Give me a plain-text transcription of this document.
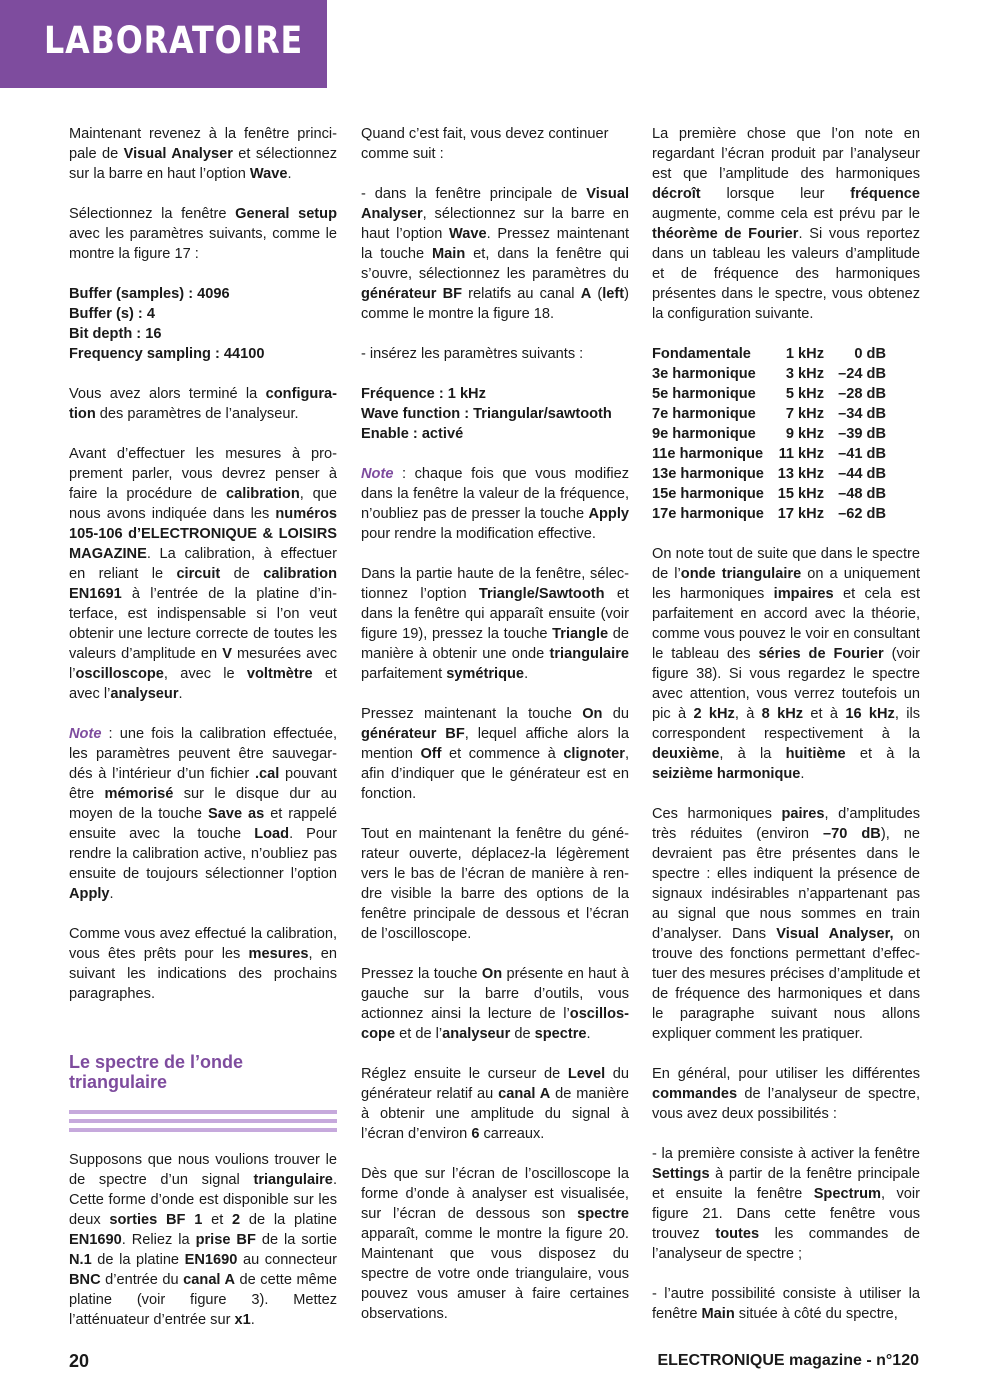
LABORATOIRE

Maintenant revenez à la fenêtre principale de Visual Analyser et sélectionnez sur la barre en haut l’option Wave.

Sélectionnez la fenêtre General setup avec les paramètres suivants, comme le montre la figure 17 :

Buffer (samples) : 4096
Buffer (s) : 4
Bit depth : 16
Frequency sampling : 44100

Vous avez alors terminé la configuration des paramètres de l’analyseur.

Avant d’effectuer les mesures à proprement parler, vous devrez penser à faire la procédure de calibration, que nous avons indiquée dans les numéros 105-106 d’ELECTRONIQUE & LOISIRS MAGAZINE. La calibration, à effectuer en reliant le circuit de calibration EN1691 à l’entrée de la platine d’interface, est indispensable si l’on veut obtenir une lecture correcte de toutes les valeurs d’amplitude en V mesurées avec l’oscilloscope, avec le voltmètre et avec l’analyseur.

Note : une fois la calibration effectuée, les paramètres peuvent être sauvegardés à l’intérieur d’un fichier .cal pouvant être mémorisé sur le disque dur au moyen de la touche Save as et rappelé ensuite avec la touche Load. Pour rendre la calibration active, n’oubliez pas ensuite de toujours sélectionner l’option Apply.

Comme vous avez effectué la calibration, vous êtes prêts pour les mesures, en suivant les indications des prochains paragraphes.

Le spectre de l’onde
triangulaire

Supposons que nous voulions trouver le de spectre d’un signal triangulaire. Cette forme d’onde est disponible sur les deux sorties BF 1 et 2 de la platine EN1690. Reliez la prise BF de la sortie N.1 de la platine EN1690 au connecteur BNC d’entrée du canal A de cette même platine (voir figure 3). Mettez l’atténuateur d’entrée sur x1.

Quand c’est fait, vous devez continuer comme suit :

- dans la fenêtre principale de Visual Analyser, sélectionnez sur la barre en haut l’option Wave. Pressez maintenant la touche Main et, dans la fenêtre qui s’ouvre, sélectionnez les paramètres du générateur BF relatifs au canal A (left) comme le montre la figure 18.

- insérez les paramètres suivants :

Fréquence : 1 kHz
Wave function : Triangular/sawtooth
Enable : activé

Note : chaque fois que vous modifiez dans la fenêtre la valeur de la fréquence, n’oubliez pas de presser la touche Apply pour rendre la modification effective.

Dans la partie haute de la fenêtre, sélectionnez l’option Triangle/Sawtooth et dans la fenêtre qui apparaît ensuite (voir figure 19), pressez la touche Triangle de manière à obtenir une onde triangulaire parfaitement symétrique.

Pressez maintenant la touche On du générateur BF, lequel affiche alors la mention Off et commence à clignoter, afin d’indiquer que le générateur est en fonction.

Tout en maintenant la fenêtre du générateur ouverte, déplacez-la légèrement vers le bas de l’écran de manière à rendre visible la barre des options de la fenêtre principale de dessous et l’écran de l’oscilloscope.

Pressez la touche On présente en haut à gauche sur la barre d’outils, vous actionnez ainsi la lecture de l’oscilloscope et de l’analyseur de spectre.

Réglez ensuite le curseur de Level du générateur relatif au canal A de manière à obtenir une amplitude du signal à l’écran d’environ 6 carreaux.

Dès que sur l’écran de l’oscilloscope la forme d’onde à analyser est visualisée, sur l’écran de dessous son spectre apparaît, comme le montre la figure 20. Maintenant que vous disposez du spectre de votre onde triangulaire, vous pouvez vous amuser à faire certaines observations.

La première chose que l’on note en regardant l’écran produit par l’analyseur est que l’amplitude des harmoniques décroît lorsque leur fréquence augmente, comme cela est prévu par le théorème de Fourier. Si vous reportez dans un tableau les valeurs d’amplitude et de fréquence des harmoniques présentes dans le spectre, vous obtenez la configuration suivante.

Fondamentale	1 kHz	0 dB
3e harmonique	3 kHz	–24 dB
5e harmonique	5 kHz	–28 dB
7e harmonique	7 kHz	–34 dB
9e harmonique	9 kHz	–39 dB
11e harmonique	11 kHz	–41 dB
13e harmonique	13 kHz	–44 dB
15e harmonique	15 kHz	–48 dB
17e harmonique	17 kHz	–62 dB

On note tout de suite que dans le spectre de l’onde triangulaire on a uniquement les harmoniques impaires et cela est parfaitement en accord avec la théorie, comme vous pouvez le voir en consultant le tableau des séries de Fourier (voir figure 38). Si vous regardez le spectre avec attention, vous verrez toutefois un pic à 2 kHz, à 8 kHz et à 16 kHz, ils correspondent respectivement à la deuxième, à la huitième et à la seizième harmonique.

Ces harmoniques paires, d’amplitudes très réduites (environ –70 dB), ne devraient pas être présentes dans le spectre : elles indiquent la présence de signaux indésirables n’appartenant pas au signal que nous sommes en train d’analyser. Dans Visual Analyser, on trouve des fonctions permettant d’effectuer des mesures précises d’amplitude et de fréquence des harmoniques et dans le paragraphe suivant nous allons expliquer comment les pratiquer.

En général, pour utiliser les différentes commandes de l’analyseur de spectre, vous avez deux possibilités :

- la première consiste à activer la fenêtre Settings à partir de la fenêtre principale et ensuite la fenêtre Spectrum, voir figure 21. Dans cette fenêtre vous trouvez toutes les commandes de l’analyseur de spectre ;

- l’autre possibilité consiste à utiliser la fenêtre Main située à côté du spectre,

20	ELECTRONIQUE magazine - n°120
